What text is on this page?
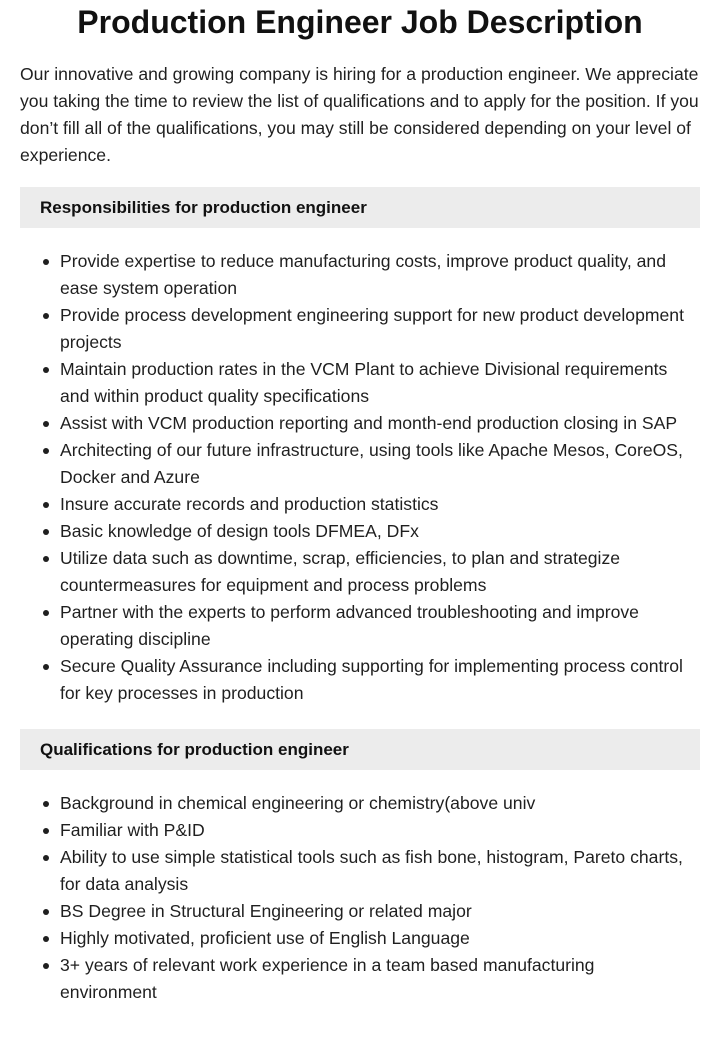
Production Engineer Job Description

Our innovative and growing company is hiring for a production engineer. We appreciate you taking the time to review the list of qualifications and to apply for the position. If you don’t fill all of the qualifications, you may still be considered depending on your level of experience.

Responsibilities for production engineer
Provide expertise to reduce manufacturing costs, improve product quality, and ease system operation
Provide process development engineering support for new product development projects
Maintain production rates in the VCM Plant to achieve Divisional requirements and within product quality specifications
Assist with VCM production reporting and month-end production closing in SAP
Architecting of our future infrastructure, using tools like Apache Mesos, CoreOS, Docker and Azure
Insure accurate records and production statistics
Basic knowledge of design tools DFMEA, DFx
Utilize data such as downtime, scrap, efficiencies, to plan and strategize countermeasures for equipment and process problems
Partner with the experts to perform advanced troubleshooting and improve operating discipline
Secure Quality Assurance including supporting for implementing process control for key processes in production
Qualifications for production engineer
Background in chemical engineering or chemistry(above univ
Familiar with P&ID
Ability to use simple statistical tools such as fish bone, histogram, Pareto charts, for data analysis
BS Degree in Structural Engineering or related major
Highly motivated, proficient use of English Language
3+ years of relevant work experience in a team based manufacturing environment
